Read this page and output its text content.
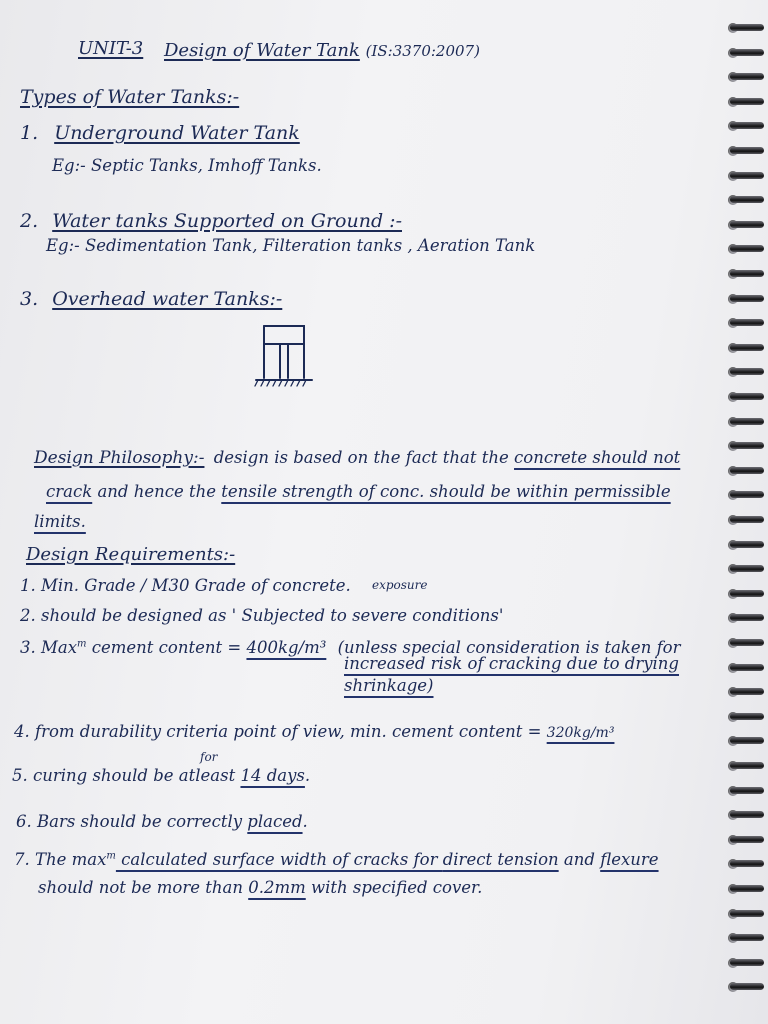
UNIT-3 Design of Water Tank (IS:3370:2007)
Types of Water Tanks:-
1. Underground Water Tank
Eg:- Septic Tanks, Imhoff Tanks.
2. Water tanks Supported on Ground :-
Eg:- Sedimentation Tank, Filteration tanks , Aeration Tank
3. Overhead water Tanks:-
Design Philosophy:- design is based on the fact that the concrete should not
crack and hence the tensile strength of conc. should be within permissible
limits.
Design Requirements:-
1. Min. Grade / M30 Grade of concrete. exposure
2. should be designed as ' Subjected to severe conditions'
3. Max$^m$ cement content = 400kg/m³ (unless special consideration is taken for
increased risk of cracking due to drying
shrinkage)
4. from durability criteria point of view, min. cement content = 320kg/m³
for
5. curing should be atleast 14 days.
6. Bars should be correctly placed.
7. The $\max^m$ calculated surface width of cracks for direct tension and flexure
should not be more than 0.2mm with specified cover.
